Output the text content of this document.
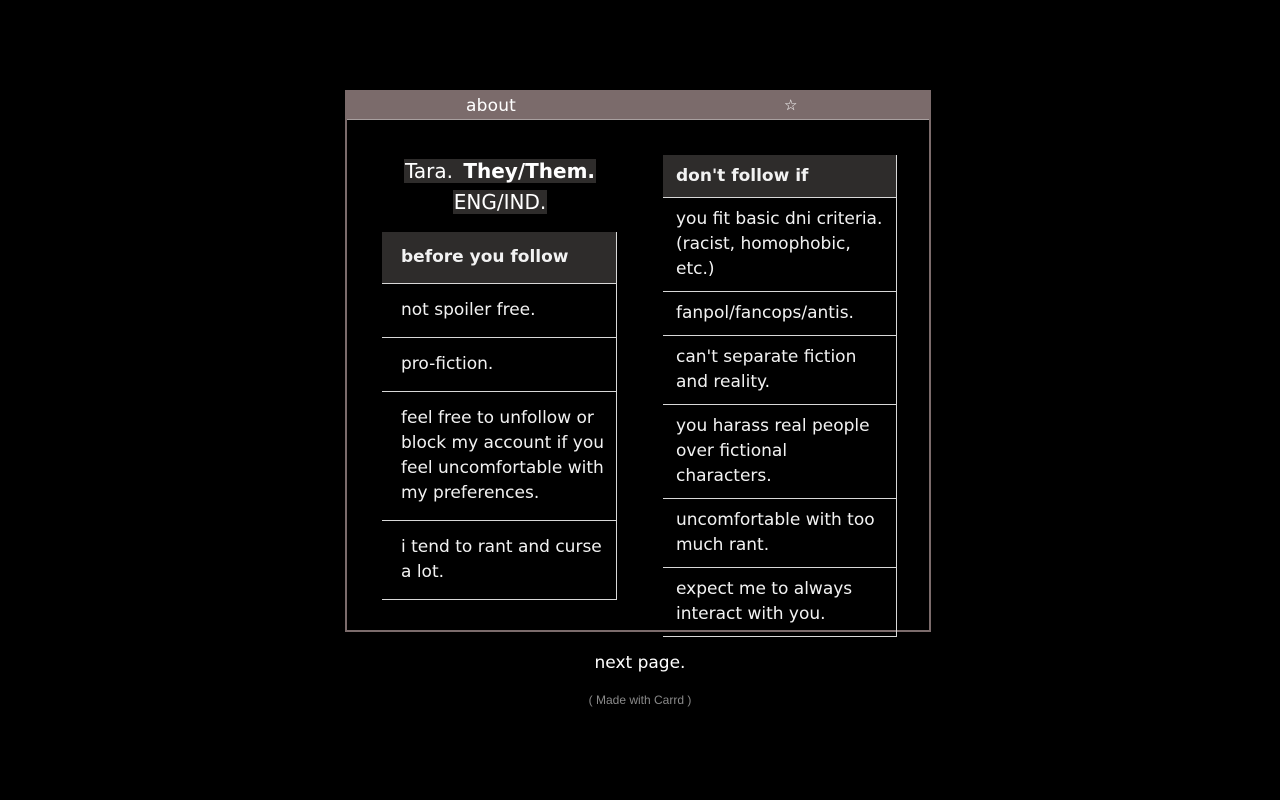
about	☆
Tara. They/Them.
ENG/IND.
before you follow
not spoiler free.
pro-fiction.
feel free to unfollow or block my account if you feel uncomfortable with my preferences.
i tend to rant and curse a lot.
don't follow if
you fit basic dni criteria. (racist, homophobic, etc.)
fanpol/fancops/antis.
can't separate fiction and reality.
you harass real people over fictional characters.
uncomfortable with too much rant.
expect me to always interact with you.
next page.
( Made with Carrd )
